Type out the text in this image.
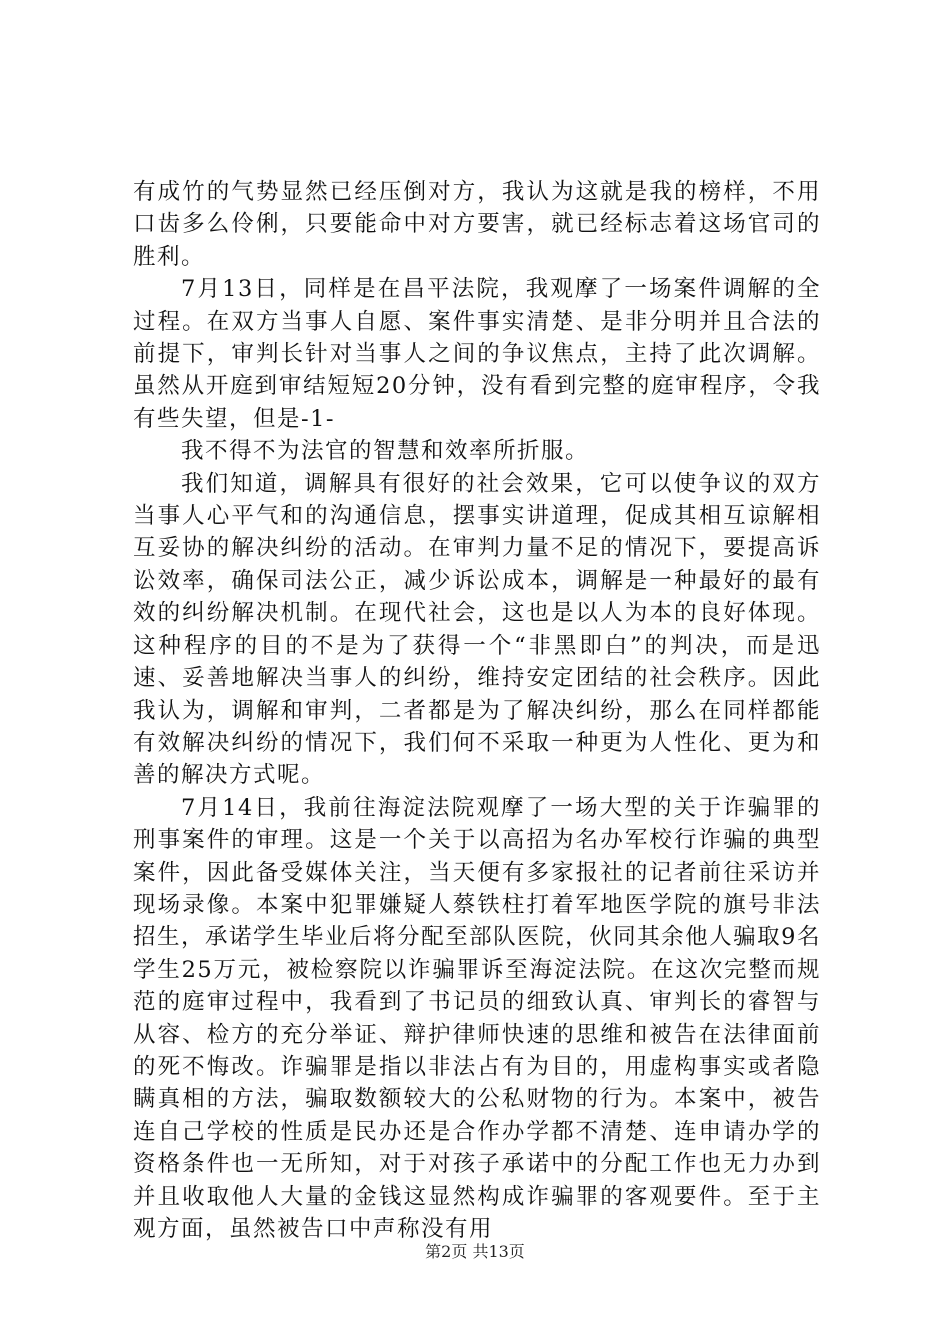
有成竹的气势显然已经压倒对方，我认为这就是我的榜样，不用口齿多么伶俐，只要能命中对方要害，就已经标志着这场官司的胜利。

7月13日，同样是在昌平法院，我观摩了一场案件调解的全过程。在双方当事人自愿、案件事实清楚、是非分明并且合法的前提下，审判长针对当事人之间的争议焦点，主持了此次调解。虽然从开庭到审结短短20分钟，没有看到完整的庭审程序，令我有些失望，但是-1-

我不得不为法官的智慧和效率所折服。

我们知道，调解具有很好的社会效果，它可以使争议的双方当事人心平气和的沟通信息，摆事实讲道理，促成其相互谅解相互妥协的解决纠纷的活动。在审判力量不足的情况下，要提高诉讼效率，确保司法公正，减少诉讼成本，调解是一种最好的最有效的纠纷解决机制。在现代社会，这也是以人为本的良好体现。这种程序的目的不是为了获得一个“非黑即白”的判决，而是迅速、妥善地解决当事人的纠纷，维持安定团结的社会秩序。因此我认为，调解和审判，二者都是为了解决纠纷，那么在同样都能有效解决纠纷的情况下，我们何不采取一种更为人性化、更为和善的解决方式呢。

7月14日，我前往海淀法院观摩了一场大型的关于诈骗罪的刑事案件的审理。这是一个关于以高招为名办军校行诈骗的典型案件，因此备受媒体关注，当天便有多家报社的记者前往采访并现场录像。本案中犯罪嫌疑人蔡铁柱打着军地医学院的旗号非法招生，承诺学生毕业后将分配至部队医院，伙同其余他人骗取9名学生25万元，被检察院以诈骗罪诉至海淀法院。在这次完整而规范的庭审过程中，我看到了书记员的细致认真、审判长的睿智与从容、检方的充分举证、辩护律师快速的思维和被告在法律面前的死不悔改。诈骗罪是指以非法占有为目的，用虚构事实或者隐瞒真相的方法，骗取数额较大的公私财物的行为。本案中，被告连自己学校的性质是民办还是合作办学都不清楚、连申请办学的资格条件也一无所知，对于对孩子承诺中的分配工作也无力办到并且收取他人大量的金钱这显然构成诈骗罪的客观要件。至于主观方面，虽然被告口中声称没有用

第2页 共13页
